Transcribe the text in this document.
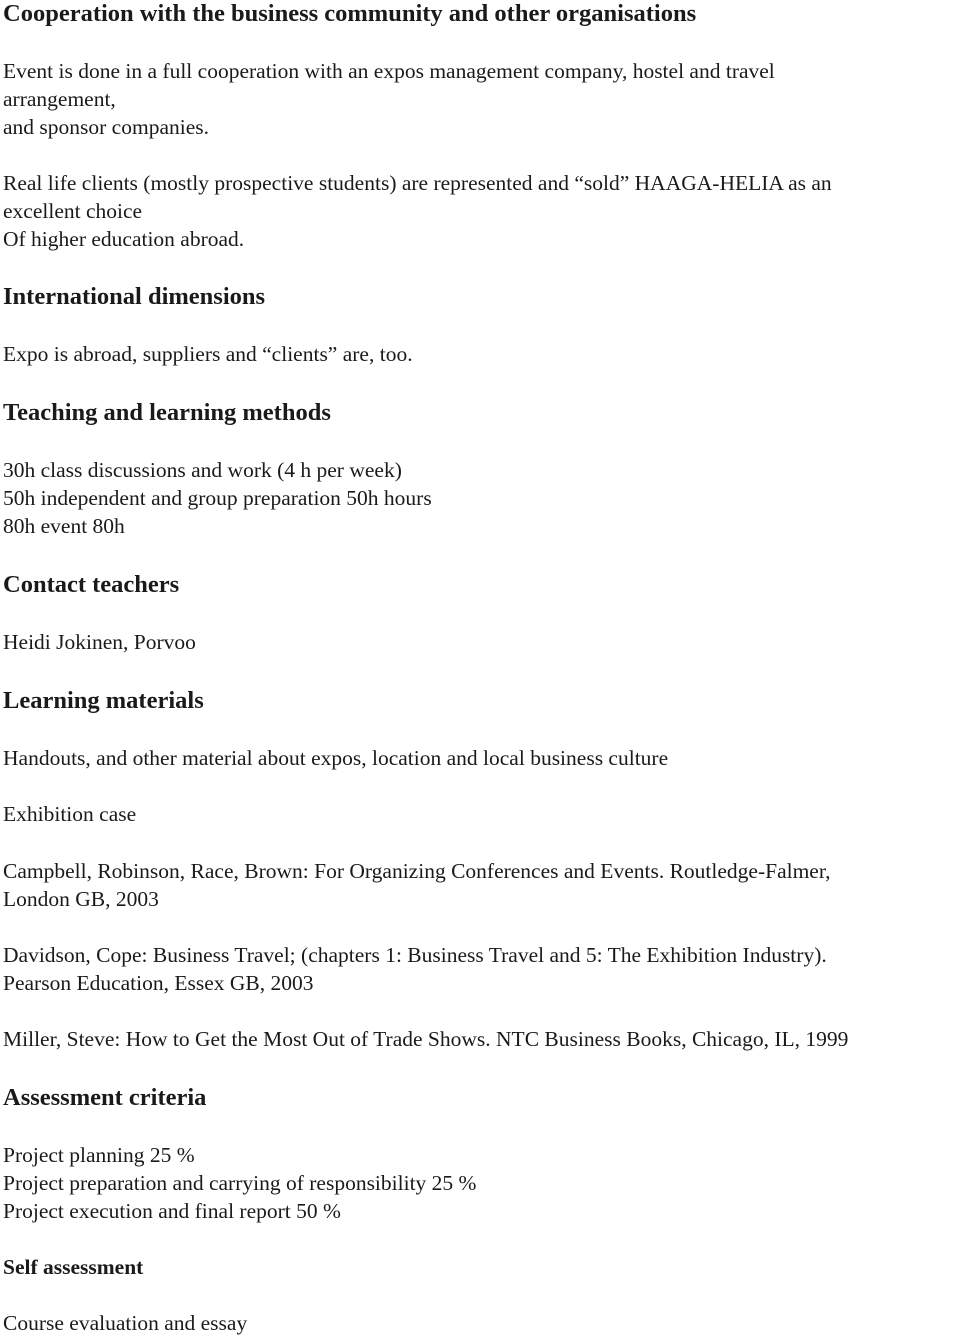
Cooperation with the business community and other organisations
Event is done in a full cooperation with an expos management company, hostel and travel
arrangement,
and sponsor companies.
Real life clients (mostly prospective students) are represented and “sold” HAAGA-HELIA as an
excellent choice
Of higher education abroad.
International dimensions
Expo is abroad, suppliers and “clients” are, too.
Teaching and learning methods
30h class discussions and work (4 h per week)
50h independent and group preparation 50h hours
80h event 80h
Contact teachers
Heidi Jokinen, Porvoo
Learning materials
Handouts, and other material about expos, location and local business culture
Exhibition case
Campbell, Robinson, Race, Brown: For Organizing Conferences and Events. Routledge-Falmer,
London GB, 2003
Davidson, Cope: Business Travel; (chapters 1: Business Travel and 5: The Exhibition Industry).
Pearson Education, Essex GB, 2003
Miller, Steve: How to Get the Most Out of Trade Shows. NTC Business Books, Chicago, IL, 1999
Assessment criteria
Project planning 25 %
Project preparation and carrying of responsibility 25 %
Project execution and final report 50 %
Self assessment
Course evaluation and essay
